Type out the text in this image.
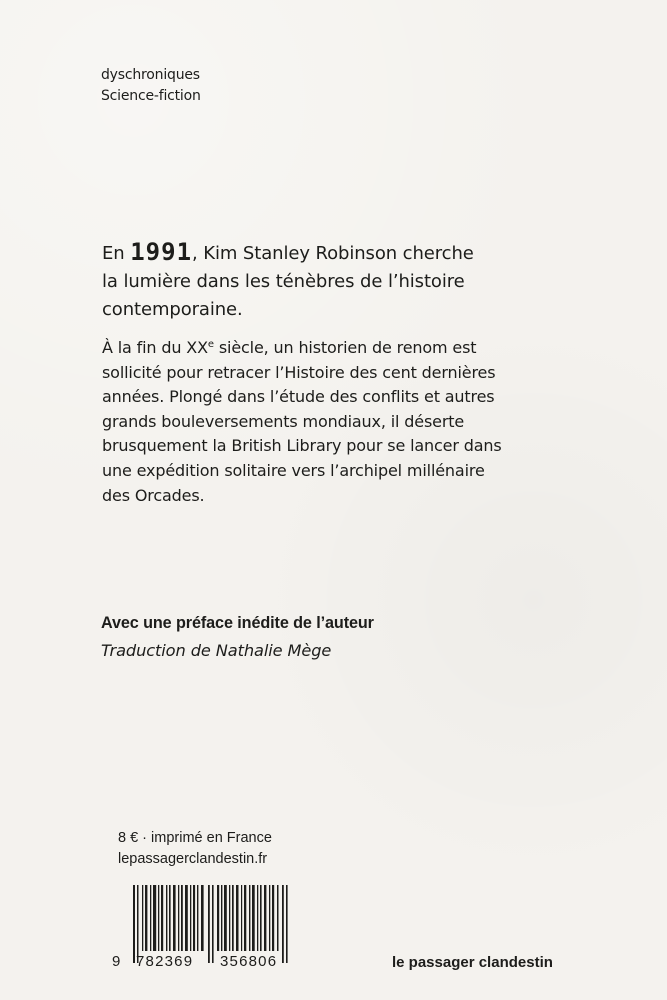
dyschroniques
Science-fiction
En 1991, Kim Stanley Robinson cherche
la lumière dans les ténèbres de l’histoire
contemporaine.
À la fin du XXe siècle, un historien de renom est
sollicité pour retracer l’Histoire des cent dernières
années. Plongé dans l’étude des conflits et autres
grands bouleversements mondiaux, il déserte
brusquement la British Library pour se lancer dans
une expédition solitaire vers l’archipel millénaire
des Orcades.
Avec une préface inédite de l’auteur
Traduction de Nathalie Mège
8 € · imprimé en France
lepassagerclandestin.fr
9 782369 356806	le passager clandestin
